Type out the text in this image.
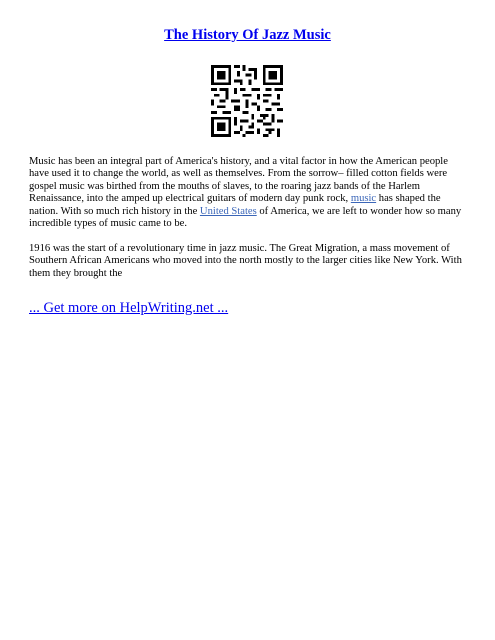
The History Of Jazz Music

Music has been an integral part of America's history, and a vital factor in how the American people have used it to change the world, as well as themselves. From the sorrow– filled cotton fields were gospel music was birthed from the mouths of slaves, to the roaring jazz bands of the Harlem Renaissance, into the amped up electrical guitars of modern day punk rock, music has shaped the nation. With so much rich history in the United States of America, we are left to wonder how so many incredible types of music came to be.

1916 was the start of a revolutionary time in jazz music. The Great Migration, a mass movement of Southern African Americans who moved into the north mostly to the larger cities like New York. With them they brought the

... Get more on HelpWriting.net ...
